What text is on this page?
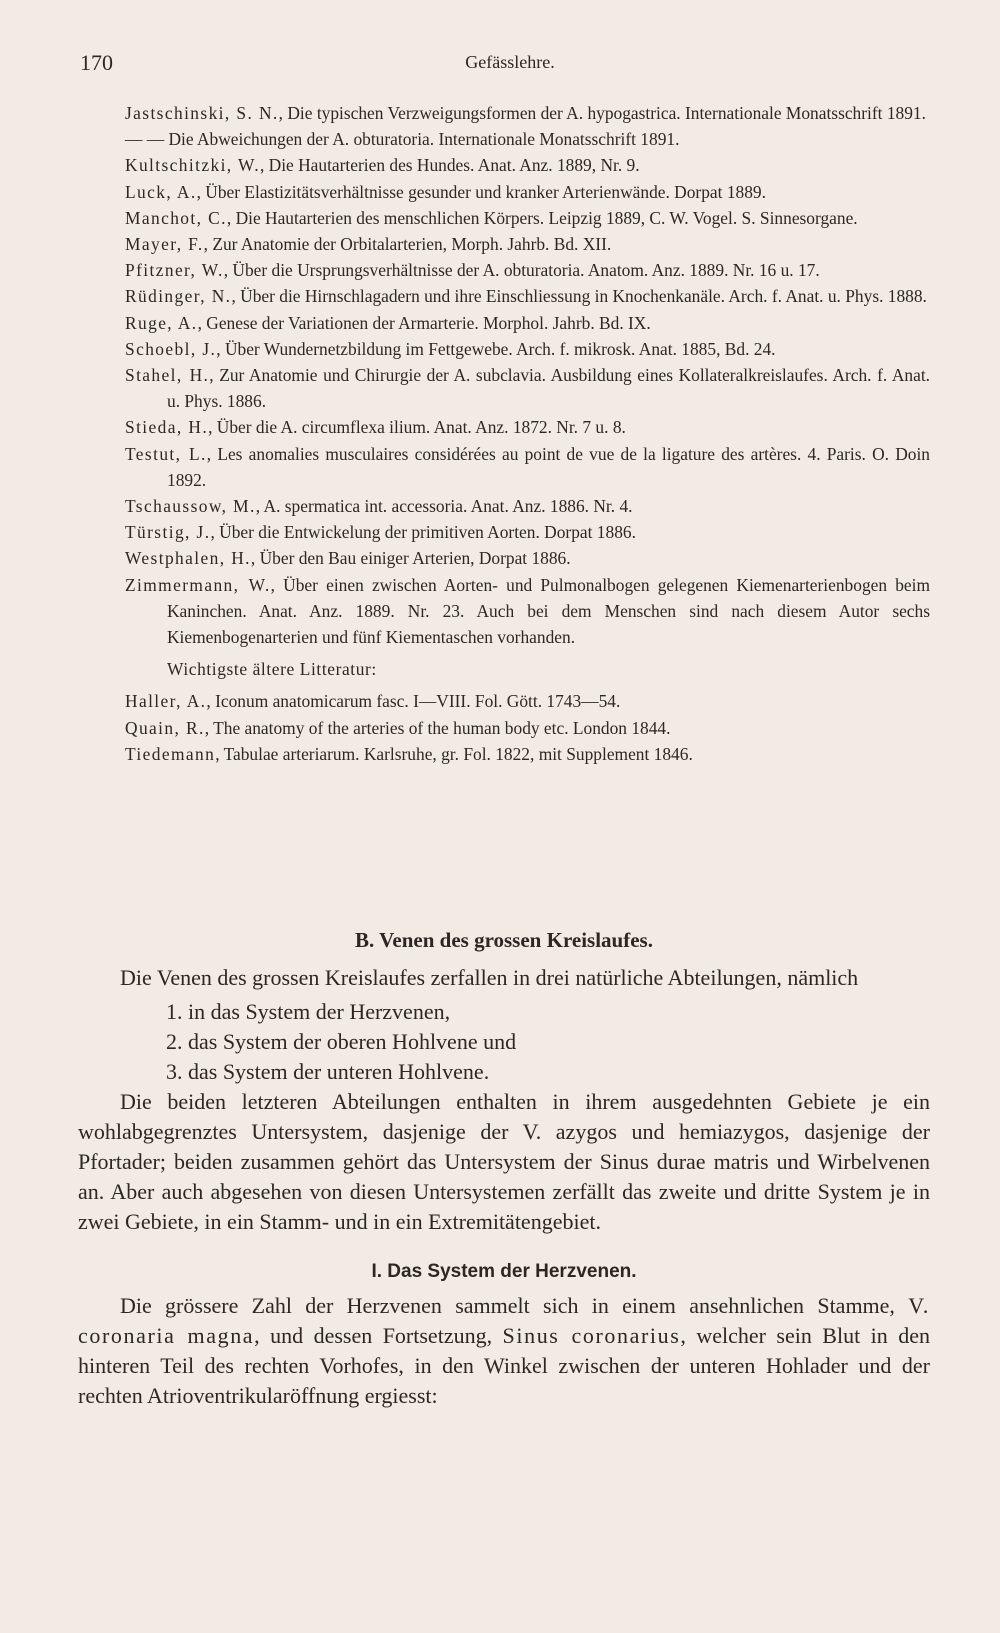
170	Gefässlehre.
Jastschinski, S. N., Die typischen Verzweigungsformen der A. hypogastrica. Internationale Monatsschrift 1891.
— — Die Abweichungen der A. obturatoria. Internationale Monatsschrift 1891.
Kultschitzki, W., Die Hautarterien des Hundes. Anat. Anz. 1889, Nr. 9.
Luck, A., Über Elastizitätsverhältnisse gesunder und kranker Arterienwände. Dorpat 1889.
Manchot, C., Die Hautarterien des menschlichen Körpers. Leipzig 1889, C. W. Vogel. S. Sinnesorgane.
Mayer, F., Zur Anatomie der Orbitalarterien, Morph. Jahrb. Bd. XII.
Pfitzner, W., Über die Ursprungsverhältnisse der A. obturatoria. Anatom. Anz. 1889. Nr. 16 u. 17.
Rüdinger, N., Über die Hirnschlagadern und ihre Einschliessung in Knochenkanäle. Arch. f. Anat. u. Phys. 1888.
Ruge, A., Genese der Variationen der Armarterie. Morphol. Jahrb. Bd. IX.
Schoebl, J., Über Wundernetzbildung im Fettgewebe. Arch. f. mikrosk. Anat. 1885, Bd. 24.
Stahel, H., Zur Anatomie und Chirurgie der A. subclavia. Ausbildung eines Kollateralkreislaufes. Arch. f. Anat. u. Phys. 1886.
Stieda, H., Über die A. circumflexa ilium. Anat. Anz. 1872. Nr. 7 u. 8.
Testut, L., Les anomalies musculaires considérées au point de vue de la ligature des artères. 4. Paris. O. Doin 1892.
Tschaussow, M., A. spermatica int. accessoria. Anat. Anz. 1886. Nr. 4.
Türstig, J., Über die Entwickelung der primitiven Aorten. Dorpat 1886.
Westphalen, H., Über den Bau einiger Arterien, Dorpat 1886.
Zimmermann, W., Über einen zwischen Aorten- und Pulmonalbogen gelegenen Kiemenarterienbogen beim Kaninchen. Anat. Anz. 1889. Nr. 23. Auch bei dem Menschen sind nach diesem Autor sechs Kiemenbogenarterien und fünf Kiementaschen vorhanden.
Wichtigste ältere Litteratur:
Haller, A., Iconum anatomicarum fasc. I—VIII. Fol. Gött. 1743—54.
Quain, R., The anatomy of the arteries of the human body etc. London 1844.
Tiedemann, Tabulae arteriarum. Karlsruhe, gr. Fol. 1822, mit Supplement 1846.
B. Venen des grossen Kreislaufes.

Die Venen des grossen Kreislaufes zerfallen in drei natürliche Abteilungen, nämlich

1. in das System der Herzvenen,
2. das System der oberen Hohlvene und
3. das System der unteren Hohlvene.

Die beiden letzteren Abteilungen enthalten in ihrem ausgedehnten Gebiete je ein wohlabgegrenztes Untersystem, dasjenige der V. azygos und hemiazygos, dasjenige der Pfortader; beiden zusammen gehört das Untersystem der Sinus durae matris und Wirbelvenen an. Aber auch abgesehen von diesen Untersystemen zerfällt das zweite und dritte System je in zwei Gebiete, in ein Stamm- und in ein Extremitätengebiet.

I. Das System der Herzvenen.

Die grössere Zahl der Herzvenen sammelt sich in einem ansehnlichen Stamme, V. coronaria magna, und dessen Fortsetzung, Sinus coronarius, welcher sein Blut in den hinteren Teil des rechten Vorhofes, in den Winkel zwischen der unteren Hohlader und der rechten Atrioventrikularöffnung ergiesst:
